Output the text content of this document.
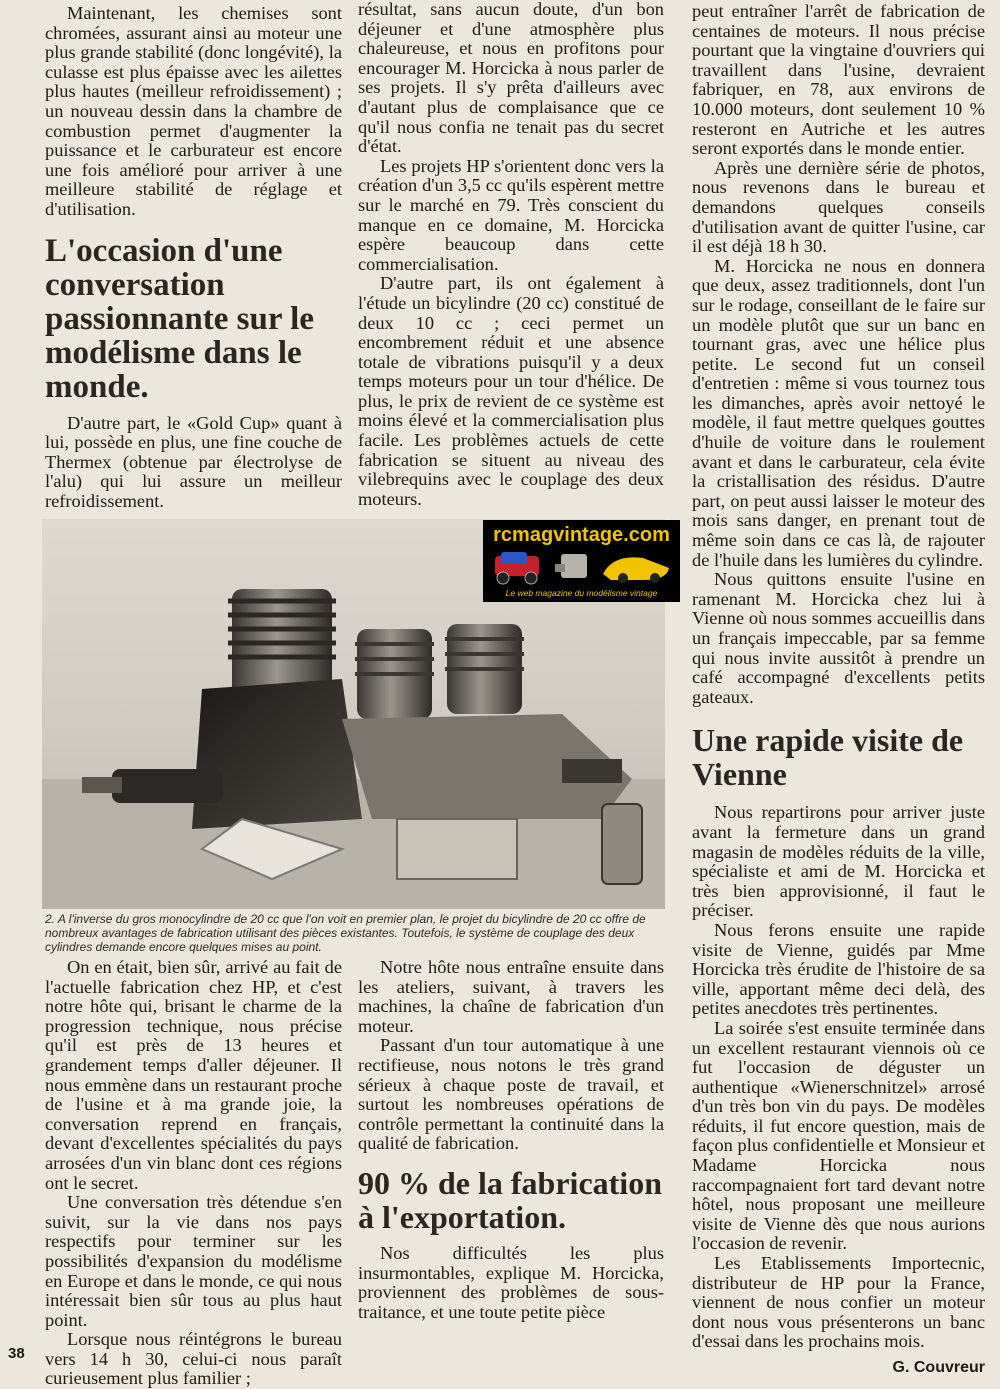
Maintenant, les chemises sont chromées, assurant ainsi au moteur une plus grande stabilité (donc longévité), la culasse est plus épaisse avec les ailettes plus hautes (meilleur refroidissement) ; un nouveau dessin dans la chambre de combustion permet d'augmenter la puissance et le carburateur est encore une fois amélioré pour arriver à une meilleure stabilité de réglage et d'utilisation.

L'occasion d'une conversation passionnante sur le modélisme dans le monde.

D'autre part, le «Gold Cup» quant à lui, possède en plus, une fine couche de Thermex (obtenue par électrolyse de l'alu) qui lui assure un meilleur refroidissement.

résultat, sans aucun doute, d'un bon déjeuner et d'une atmosphère plus chaleureuse, et nous en profitons pour encourager M. Horcicka à nous parler de ses projets. Il s'y prêta d'ailleurs avec d'autant plus de complaisance que ce qu'il nous confia ne tenait pas du secret d'état.

Les projets HP s'orientent donc vers la création d'un 3,5 cc qu'ils espèrent mettre sur le marché en 79. Très conscient du manque en ce domaine, M. Horcicka espère beaucoup dans cette commercialisation.

D'autre part, ils ont également à l'étude un bicylindre (20 cc) constitué de deux 10 cc ; ceci permet un encombrement réduit et une absence totale de vibrations puisqu'il y a deux temps moteurs pour un tour d'hélice. De plus, le prix de revient de ce système est moins élevé et la commercialisation plus facile. Les problèmes actuels de cette fabrication se situent au niveau des vilebrequins avec le couplage des deux moteurs.

peut entraîner l'arrêt de fabrication de centaines de moteurs. Il nous précise pourtant que la vingtaine d'ouvriers qui travaillent dans l'usine, devraient fabriquer, en 78, aux environs de 10.000 moteurs, dont seulement 10 % resteront en Autriche et les autres seront exportés dans le monde entier.

Après une dernière série de photos, nous revenons dans le bureau et demandons quelques conseils d'utilisation avant de quitter l'usine, car il est déjà 18 h 30.

M. Horcicka ne nous en donnera que deux, assez traditionnels, dont l'un sur le rodage, conseillant de le faire sur un modèle plutôt que sur un banc en tournant gras, avec une hélice plus petite. Le second fut un conseil d'entretien : même si vous tournez tous les dimanches, après avoir nettoyé le modèle, il faut mettre quelques gouttes d'huile de voiture dans le roulement avant et dans le carburateur, cela évite la cristallisation des résidus. D'autre part, on peut aussi laisser le moteur des mois sans danger, en prenant tout de même soin dans ce cas là, de rajouter de l'huile dans les lumières du cylindre.

Nous quittons ensuite l'usine en ramenant M. Horcicka chez lui à Vienne où nous sommes accueillis dans un français impeccable, par sa femme qui nous invite aussitôt à prendre un café accompagné d'excellents petits gateaux.

Une rapide visite de Vienne

Nous repartirons pour arriver juste avant la fermeture dans un grand magasin de modèles réduits de la ville, spécialiste et ami de M. Horcicka et très bien approvisionné, il faut le préciser.

Nous ferons ensuite une rapide visite de Vienne, guidés par Mme Horcicka très érudite de l'histoire de sa ville, apportant même deci delà, des petites anecdotes très pertinentes.

La soirée s'est ensuite terminée dans un excellent restaurant viennois où ce fut l'occasion de déguster un authentique «Wienerschnitzel» arrosé d'un très bon vin du pays. De modèles réduits, il fut encore question, mais de façon plus confidentielle et Monsieur et Madame Horcicka nous raccompagnaient fort tard devant notre hôtel, nous proposant une meilleure visite de Vienne dès que nous aurions l'occasion de revenir.

Les Etablissements Importecnic, distributeur de HP pour la France, viennent de nous confier un moteur dont nous vous présenterons un banc d'essai dans les prochains mois.

G. Couvreur

rcmagvintage.com
Le web magazine du modélisme vintage
2. A l'inverse du gros monocylindre de 20 cc que l'on voit en premier plan, le projet du bicylindre de 20 cc offre de nombreux avantages de fabrication utilisant des pièces existantes. Toutefois, le système de couplage des deux cylindres demande encore quelques mises au point.

On en était, bien sûr, arrivé au fait de l'actuelle fabrication chez HP, et c'est notre hôte qui, brisant le charme de la progression technique, nous précise qu'il est près de 13 heures et grandement temps d'aller déjeuner. Il nous emmène dans un restaurant proche de l'usine et à ma grande joie, la conversation reprend en français, devant d'excellentes spécialités du pays arrosées d'un vin blanc dont ces régions ont le secret.

Une conversation très détendue s'en suivit, sur la vie dans nos pays respectifs pour terminer sur les possibilités d'expansion du modélisme en Europe et dans le monde, ce qui nous intéressait bien sûr tous au plus haut point.

Lorsque nous réintégrons le bureau vers 14 h 30, celui-ci nous paraît curieusement plus familier ;

Notre hôte nous entraîne ensuite dans les ateliers, suivant, à travers les machines, la chaîne de fabrication d'un moteur.

Passant d'un tour automatique à une rectifieuse, nous notons le très grand sérieux à chaque poste de travail, et surtout les nombreuses opérations de contrôle permettant la continuité dans la qualité de fabrication.

90 % de la fabrication à l'exportation.

Nos difficultés les plus insurmontables, explique M. Horcicka, proviennent des problèmes de sous-traitance, et une toute petite pièce

38
